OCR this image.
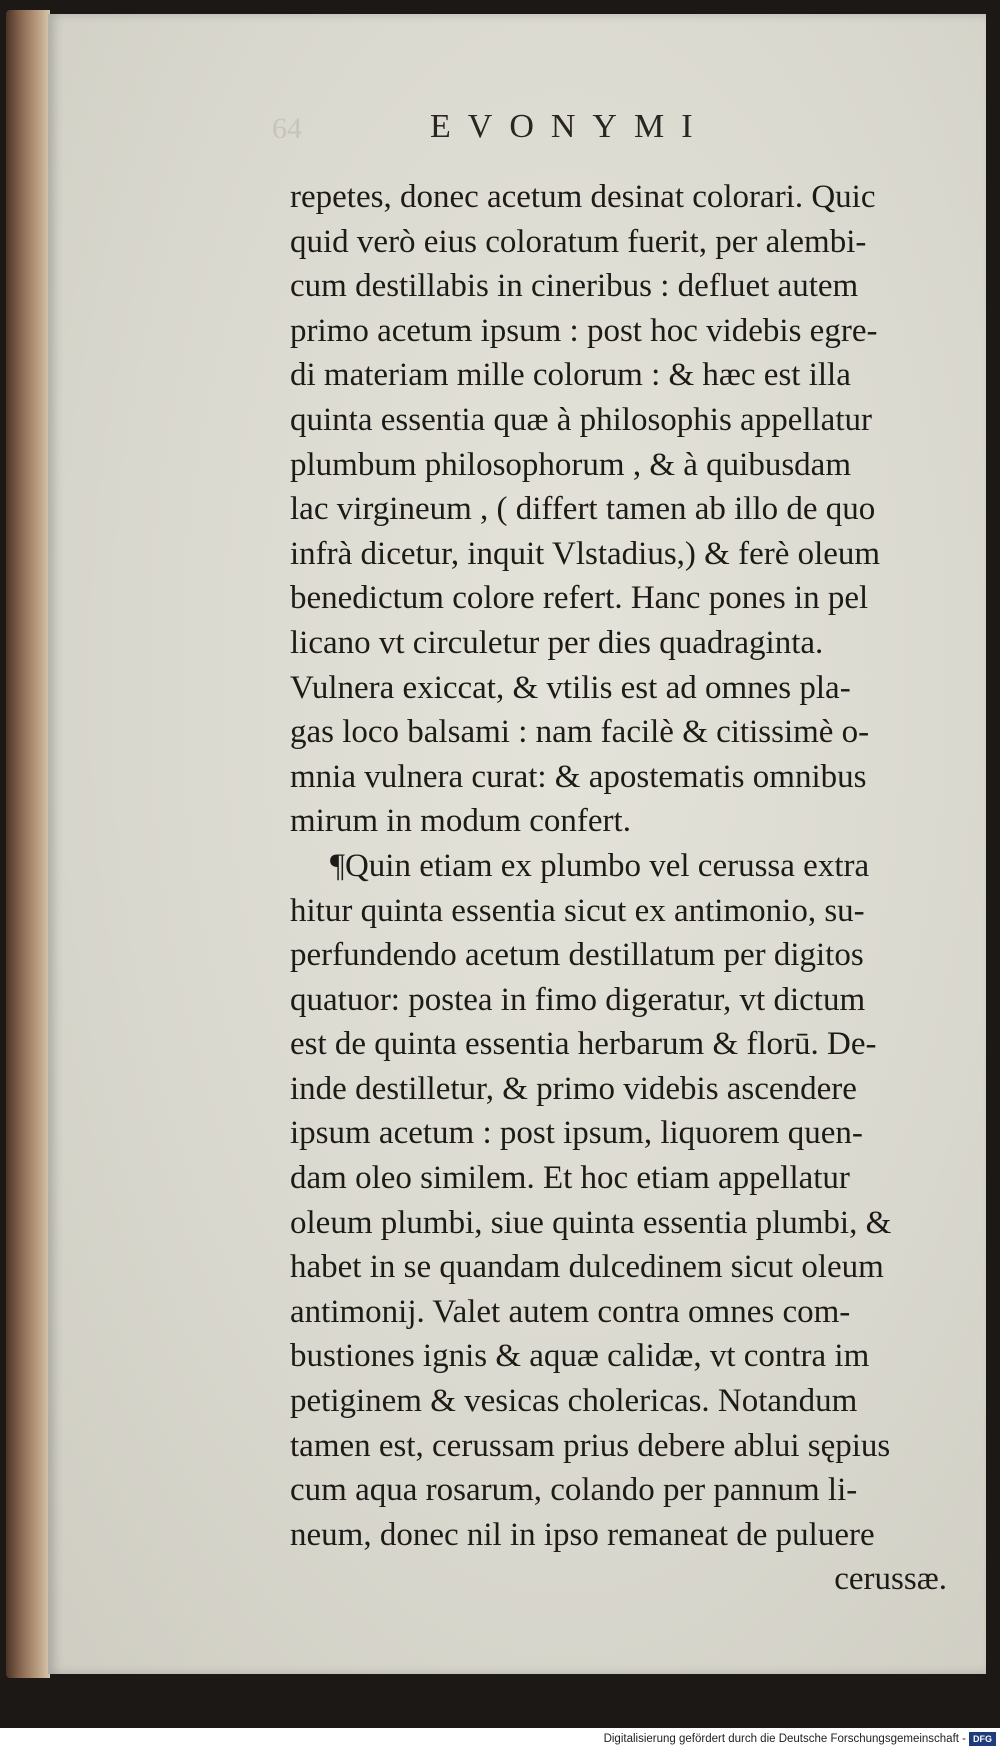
64	EVONYMI
repetes, donec acetum desinat colorari. Quic
quid verò eius coloratum fuerit, per alembi-
cum destillabis in cineribus : defluet autem
primo acetum ipsum : post hoc videbis egre-
di materiam mille colorum : & hæc est illa
quinta essentia quæ à philosophis appellatur
plumbum philosophorum , & à quibusdam
lac virgineum , ( differt tamen ab illo de quo
infrà dicetur, inquit Vlstadius,) & ferè oleum
benedictum colore refert. Hanc pones in pel
licano vt circuletur per dies quadraginta.
Vulnera exiccat, & vtilis est ad omnes pla-
gas loco balsami : nam facilè & citissimè o-
mnia vulnera curat: & apostematis omnibus
mirum in modum confert.
¶Quin etiam ex plumbo vel cerussa extra
hitur quinta essentia sicut ex antimonio, su-
perfundendo acetum destillatum per digitos
quatuor: postea in fimo digeratur, vt dictum
est de quinta essentia herbarum & florū. De-
inde destilletur, & primo videbis ascendere
ipsum acetum : post ipsum, liquorem quen-
dam oleo similem. Et hoc etiam appellatur
oleum plumbi, siue quinta essentia plumbi, &
habet in se quandam dulcedinem sicut oleum
antimonij. Valet autem contra omnes com-
bustiones ignis & aquæ calidæ, vt contra im
petiginem & vesicas cholericas. Notandum
tamen est, cerussam prius debere ablui sępius
cum aqua rosarum, colando per pannum li-
neum, donec nil in ipso remaneat de puluere
cerussæ.
Digitalisierung gefördert durch die Deutsche Forschungsgemeinschaft - DFG
